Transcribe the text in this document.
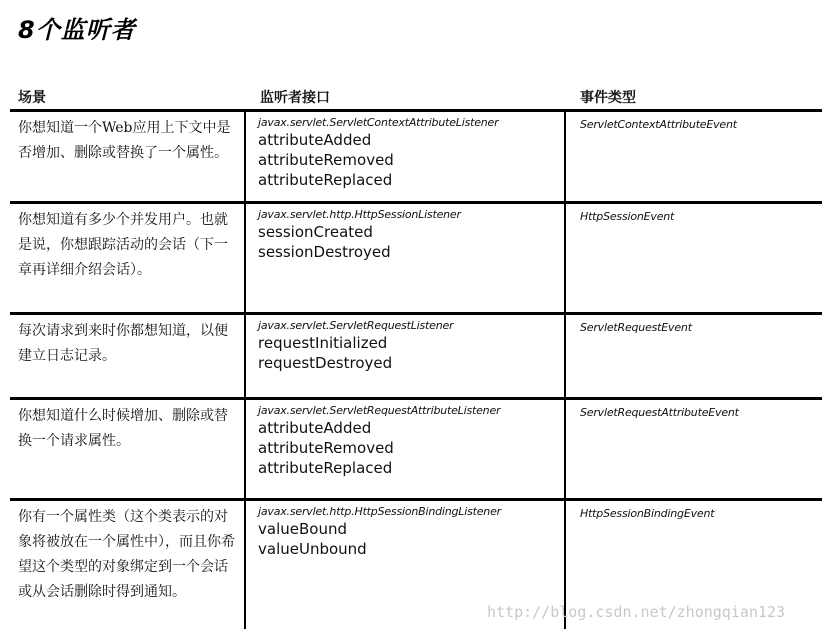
8个监听者
场景	监听者接口	事件类型
你想知道一个Web应用上下文中是否增加、删除或替换了一个属性。
javax.servlet.ServletContextAttributeListener
attributeAdded
attributeRemoved
attributeReplaced
ServletContextAttributeEvent
你想知道有多少个并发用户。也就是说，你想跟踪活动的会话（下一章再详细介绍会话）。
javax.servlet.http.HttpSessionListener
sessionCreated
sessionDestroyed
HttpSessionEvent
每次请求到来时你都想知道，以便建立日志记录。
javax.servlet.ServletRequestListener
requestInitialized
requestDestroyed
ServletRequestEvent
你想知道什么时候增加、删除或替换一个请求属性。
javax.servlet.ServletRequestAttributeListener
attributeAdded
attributeRemoved
attributeReplaced
ServletRequestAttributeEvent
你有一个属性类（这个类表示的对象将被放在一个属性中），而且你希望这个类型的对象绑定到一个会话或从会话删除时得到通知。
javax.servlet.http.HttpSessionBindingListener
valueBound
valueUnbound
HttpSessionBindingEvent
http://blog.csdn.net/zhongqian123
